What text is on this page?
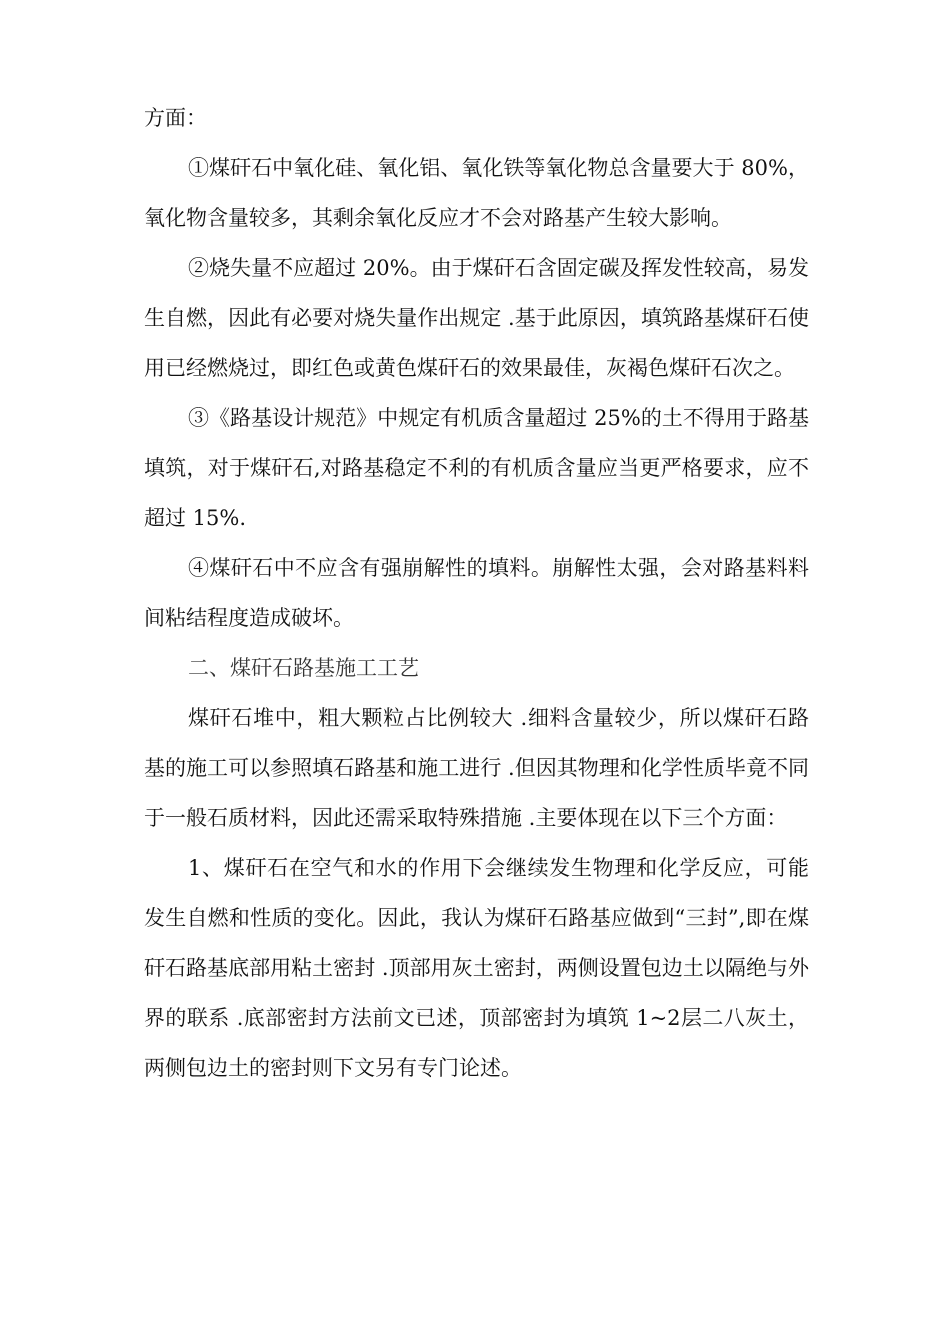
方面：

①煤矸石中氧化硅、氧化铝、氧化铁等氧化物总含量要大于 80%，氧化物含量较多，其剩余氧化反应才不会对路基产生较大影响。

②烧失量不应超过 20%。由于煤矸石含固定碳及挥发性较高，易发生自燃，因此有必要对烧失量作出规定 .基于此原因，填筑路基煤矸石使用已经燃烧过，即红色或黄色煤矸石的效果最佳，灰褐色煤矸石次之。

③《路基设计规范》中规定有机质含量超过 25%的土不得用于路基填筑，对于煤矸石,对路基稳定不利的有机质含量应当更严格要求，应不超过 15%.

④煤矸石中不应含有强崩解性的填料。崩解性太强，会对路基料料间粘结程度造成破坏。

二、煤矸石路基施工工艺

煤矸石堆中，粗大颗粒占比例较大 .细料含量较少，所以煤矸石路基的施工可以参照填石路基和施工进行 .但因其物理和化学性质毕竟不同于一般石质材料，因此还需采取特殊措施 .主要体现在以下三个方面：

1、煤矸石在空气和水的作用下会继续发生物理和化学反应，可能发生自燃和性质的变化。因此，我认为煤矸石路基应做到“三封”,即在煤矸石路基底部用粘土密封 .顶部用灰土密封，两侧设置包边土以隔绝与外界的联系 .底部密封方法前文已述，顶部密封为填筑 1~2层二八灰土，两侧包边土的密封则下文另有专门论述。
